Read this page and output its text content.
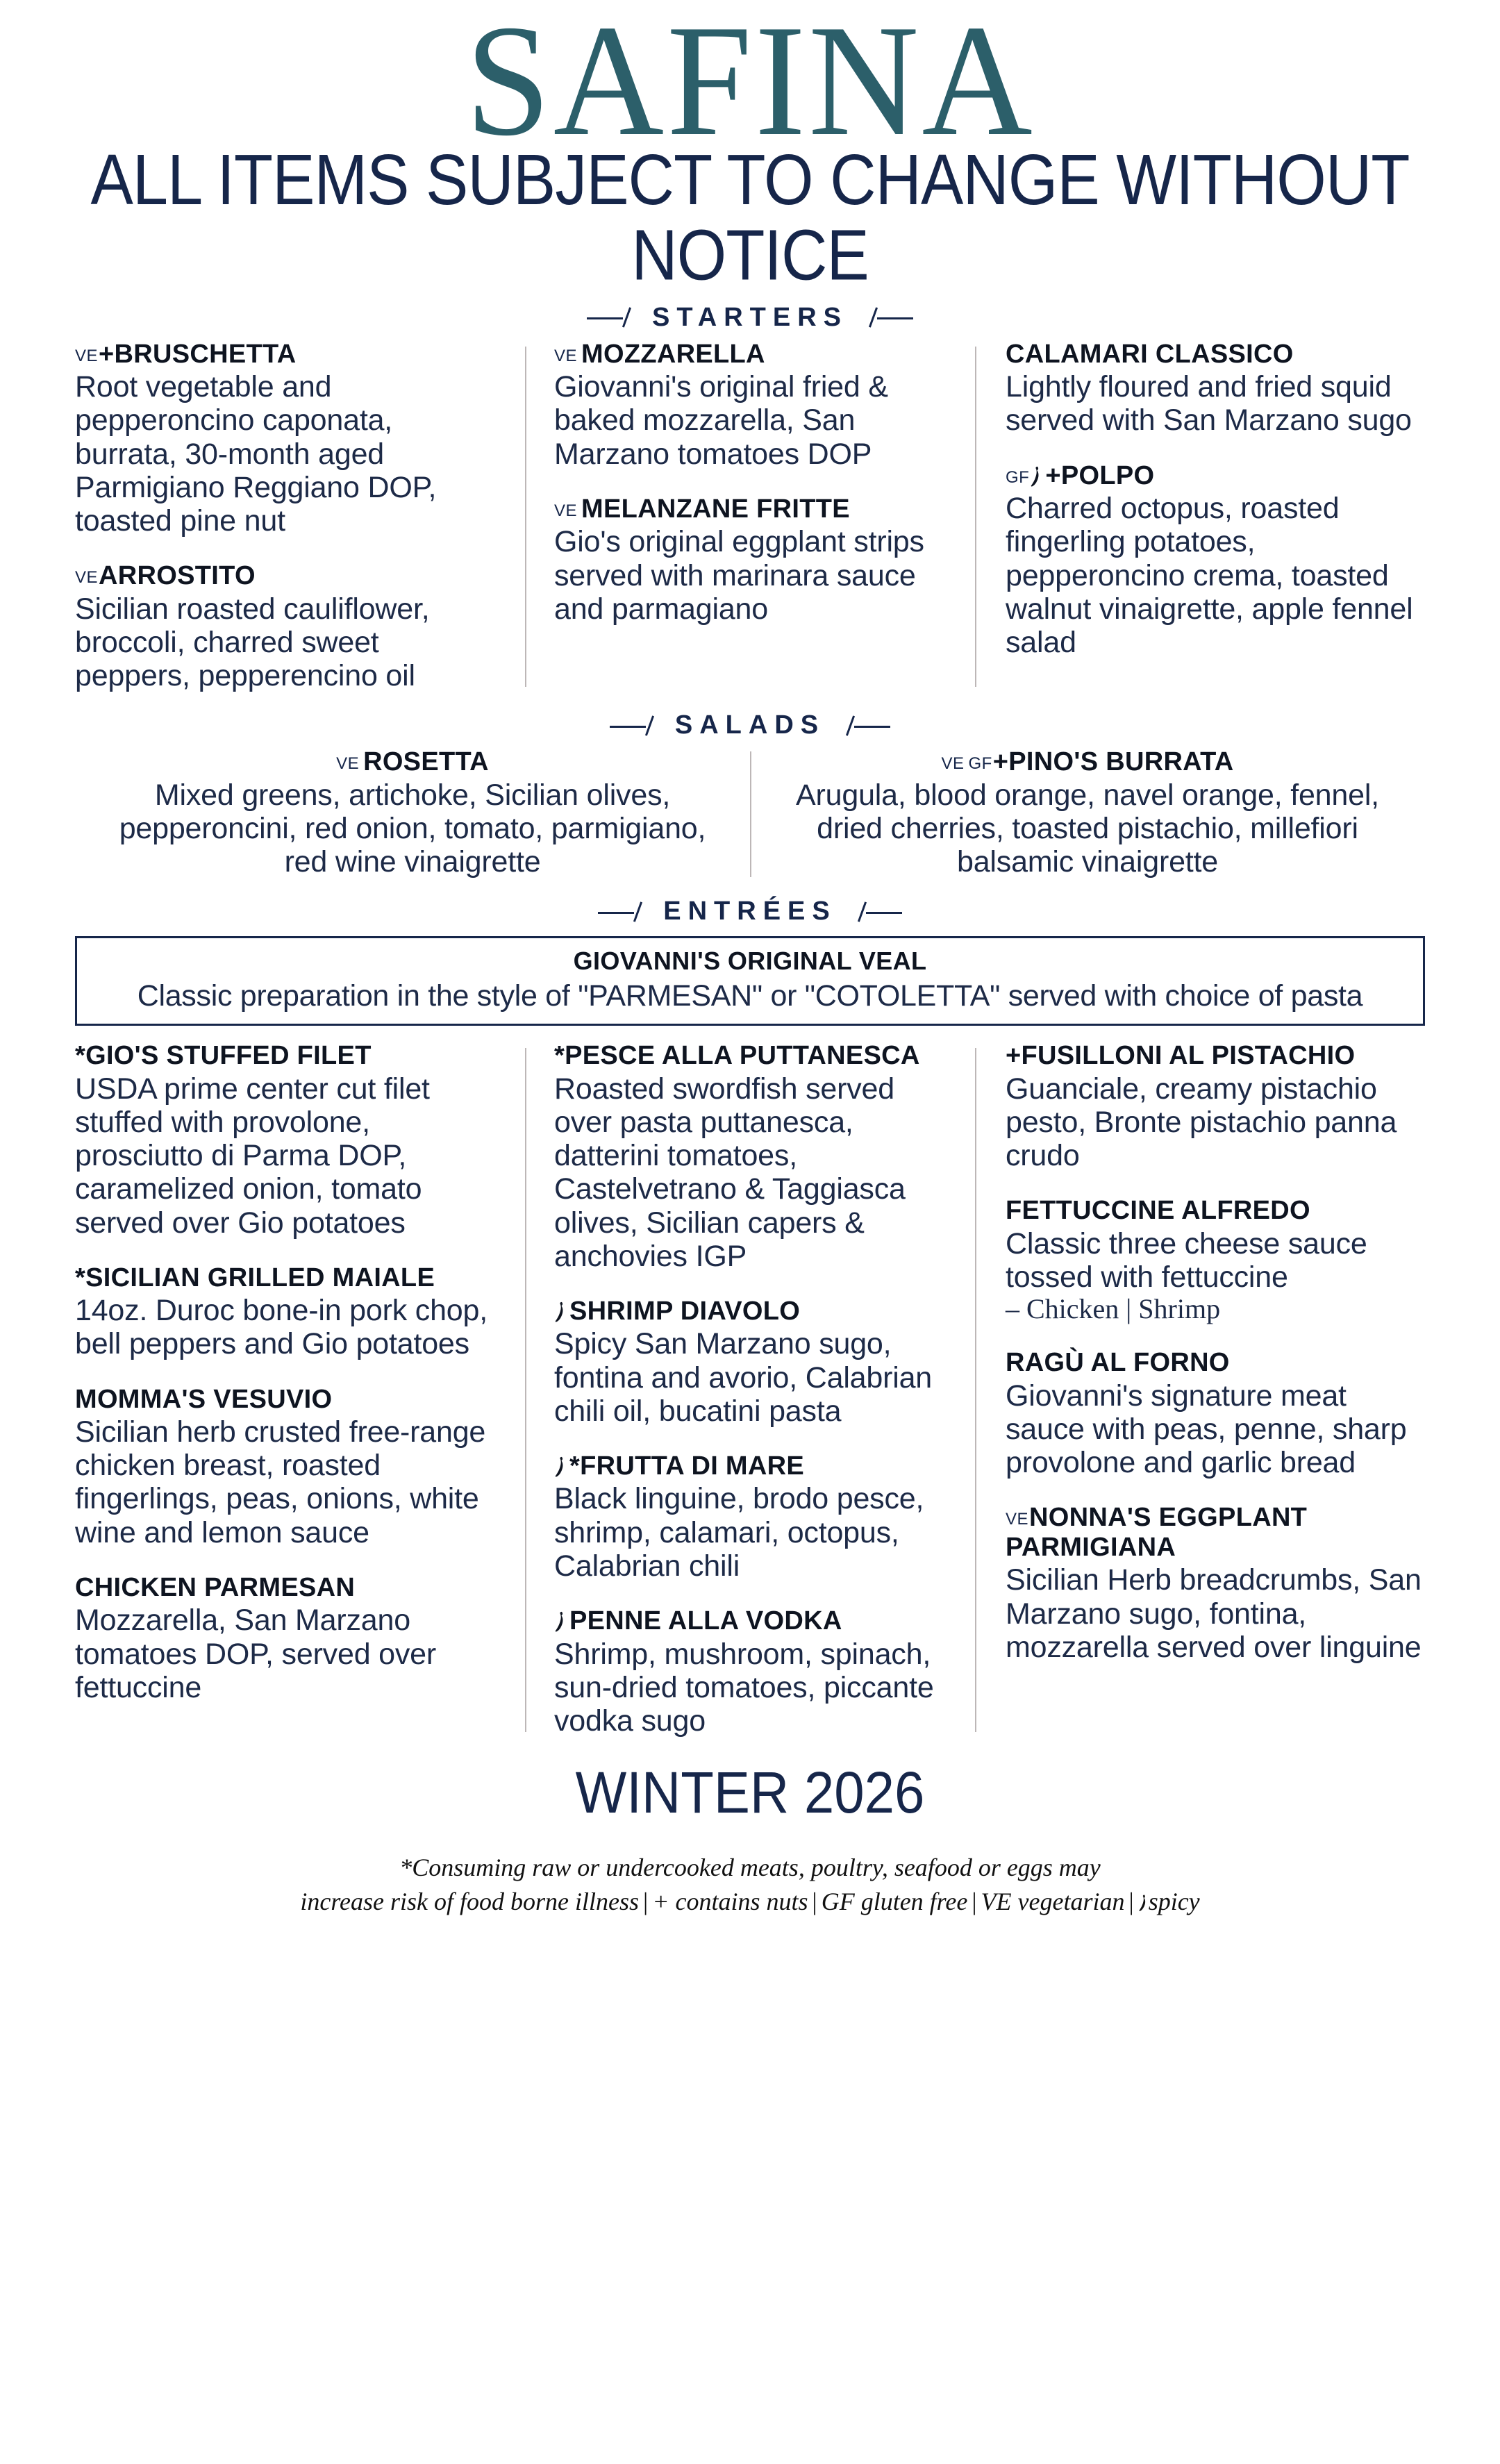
SAFINA
ALL ITEMS SUBJECT TO CHANGE WITHOUT NOTICE
STARTERS
VE+BRUSCHETTA
Root vegetable and pepperoncino caponata, burrata, 30-month aged Parmigiano Reggiano DOP, toasted pine nut
VEARROSTITO
Sicilian roasted cauliflower, broccoli, charred sweet peppers, pepperencino oil
VE MOZZARELLA
Giovanni's original fried & baked mozzarella, San Marzano tomatoes DOP
VE MELANZANE FRITTE
Gio's original eggplant strips served with marinara sauce and parmagiano
CALAMARI CLASSICO
Lightly floured and fried squid served with San Marzano sugo
GF +POLPO
Charred octopus, roasted fingerling potatoes, pepperoncino crema, toasted walnut vinaigrette, apple fennel salad
SALADS
VE ROSETTA
Mixed greens, artichoke, Sicilian olives, pepperoncini, red onion, tomato, parmigiano, red wine vinaigrette
VE GF+PINO'S BURRATA
Arugula, blood orange, navel orange, fennel, dried cherries, toasted pistachio, millefiori balsamic vinaigrette
ENTRÉES
GIOVANNI'S ORIGINAL VEAL
Classic preparation in the style of "PARMESAN" or "COTOLETTA" served with choice of pasta
*GIO'S STUFFED FILET
USDA prime center cut filet stuffed with provolone, prosciutto di Parma DOP, caramelized onion, tomato served over Gio potatoes
*SICILIAN GRILLED MAIALE
14oz. Duroc bone-in pork chop, bell peppers and Gio potatoes
MOMMA'S VESUVIO
Sicilian herb crusted free-range chicken breast, roasted fingerlings, peas, onions, white wine and lemon sauce
CHICKEN PARMESAN
Mozzarella, San Marzano tomatoes DOP, served over fettuccine
*PESCE ALLA PUTTANESCA
Roasted swordfish served over pasta puttanesca, datterini tomatoes, Castelvetrano & Taggiasca olives, Sicilian capers & anchovies IGP
SHRIMP DIAVOLO
Spicy San Marzano sugo, fontina and avorio, Calabrian chili oil, bucatini pasta
*FRUTTA DI MARE
Black linguine, brodo pesce, shrimp, calamari, octopus, Calabrian chili
PENNE ALLA VODKA
Shrimp, mushroom, spinach, sun-dried tomatoes, piccante vodka sugo
+FUSILLONI AL PISTACHIO
Guanciale, creamy pistachio pesto, Bronte pistachio panna crudo
FETTUCCINE ALFREDO
Classic three cheese sauce tossed with fettuccine
– Chicken | Shrimp
RAGÙ AL FORNO
Giovanni's signature meat sauce with peas, penne, sharp provolone and garlic bread
VENONNA'S EGGPLANT PARMIGIANA
Sicilian Herb breadcrumbs, San Marzano sugo, fontina, mozzarella served over linguine
WINTER 2026
*Consuming raw or undercooked meats, poultry, seafood or eggs may
increase risk of food borne illness | + contains nuts | GF gluten free | VE vegetarian | spicy
